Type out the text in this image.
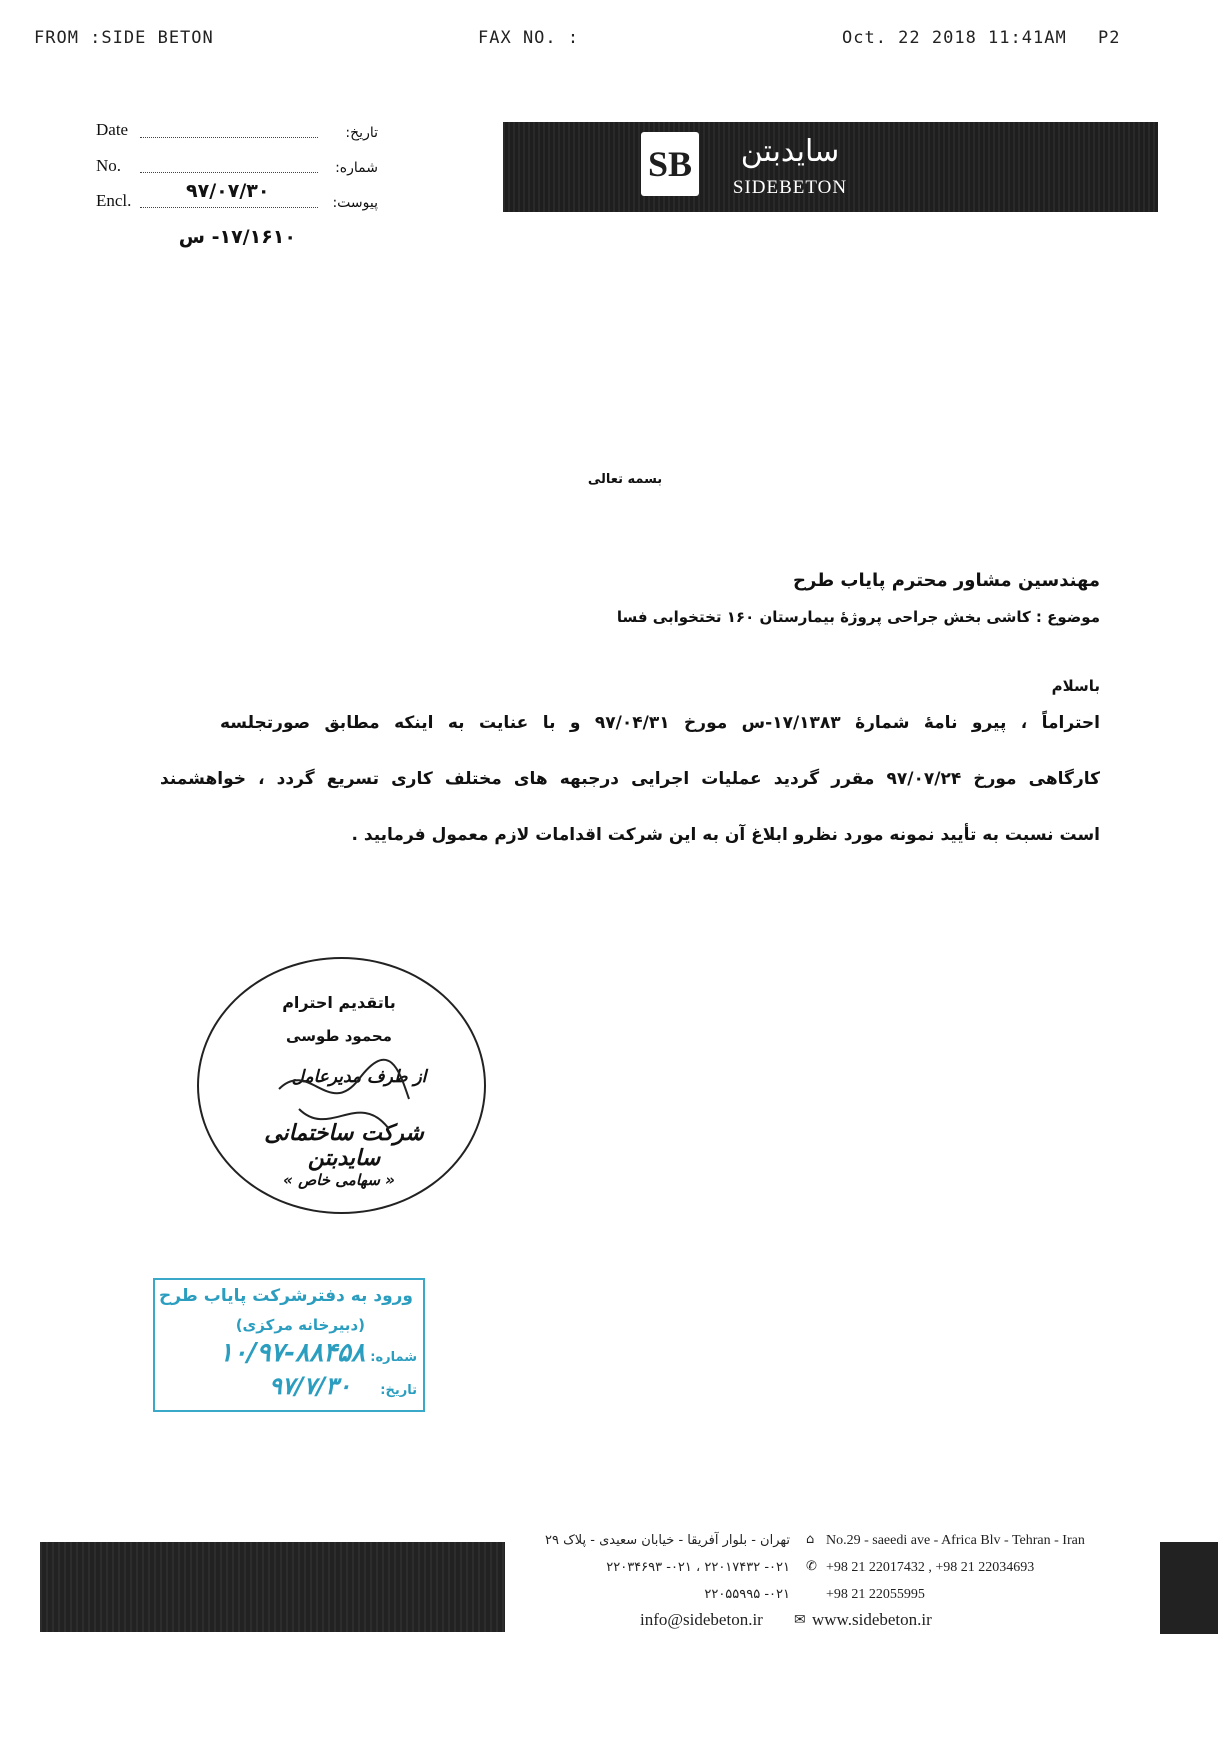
FROM :SIDE BETON	FAX NO. :	Oct. 22 2018 11:41AM P2
Date	تاریخ:
No.	شماره:
Encl.	پیوست:
۹۷/۰۷/۳۰
۱۷/۱۶۱۰- س
SB
SIDEBETON
سایدبتن
SIDEBETON
بسمه تعالی
مهندسین مشاور محترم پایاب طرح
موضوع : کاشی بخش جراحی پروژۀ بیمارستان ۱۶۰ تختخوابی فسا
باسلام
احتراماً ، پیرو نامۀ شمارۀ ۱۷/۱۳۸۳-س مورخ ۹۷/۰۴/۳۱ و با عنایت به اینکه مطابق صورتجلسه
کارگاهی مورخ ۹۷/۰۷/۲۴ مقرر گردید عملیات اجرایی درجبهه های مختلف کاری تسریع گردد ، خواهشمند
است نسبت به تأیید نمونه مورد نظرو ابلاغ آن به این شرکت اقدامات لازم معمول فرمایید .
باتقدیم احترام
محمود طوسی
از طرف مدیرعامل
شرکت ساختمانی سایدبتن
« سهامی خاص »
ورود به دفترشرکت پایاب طرح
(دبیرخانه مرکزی)
شماره:
۱۰/۹۷-۸۸۴۵۸
تاریخ:
۹۷/۷/۳۰
تهران - بلوار آفریقا - خیابان سعیدی - پلاک ۲۹
۰۲۱- ۲۲۰۱۷۴۳۲ ، ۰۲۱- ۲۲۰۳۴۶۹۳
۰۲۱- ۲۲۰۵۵۹۹۵
⌂ No.29 - saeedi ave - Africa Blv - Tehran - Iran
✆ +98 21 22017432 , +98 21 22034693
+98 21 22055995
info@sidebeton.ir ✉ www.sidebeton.ir
